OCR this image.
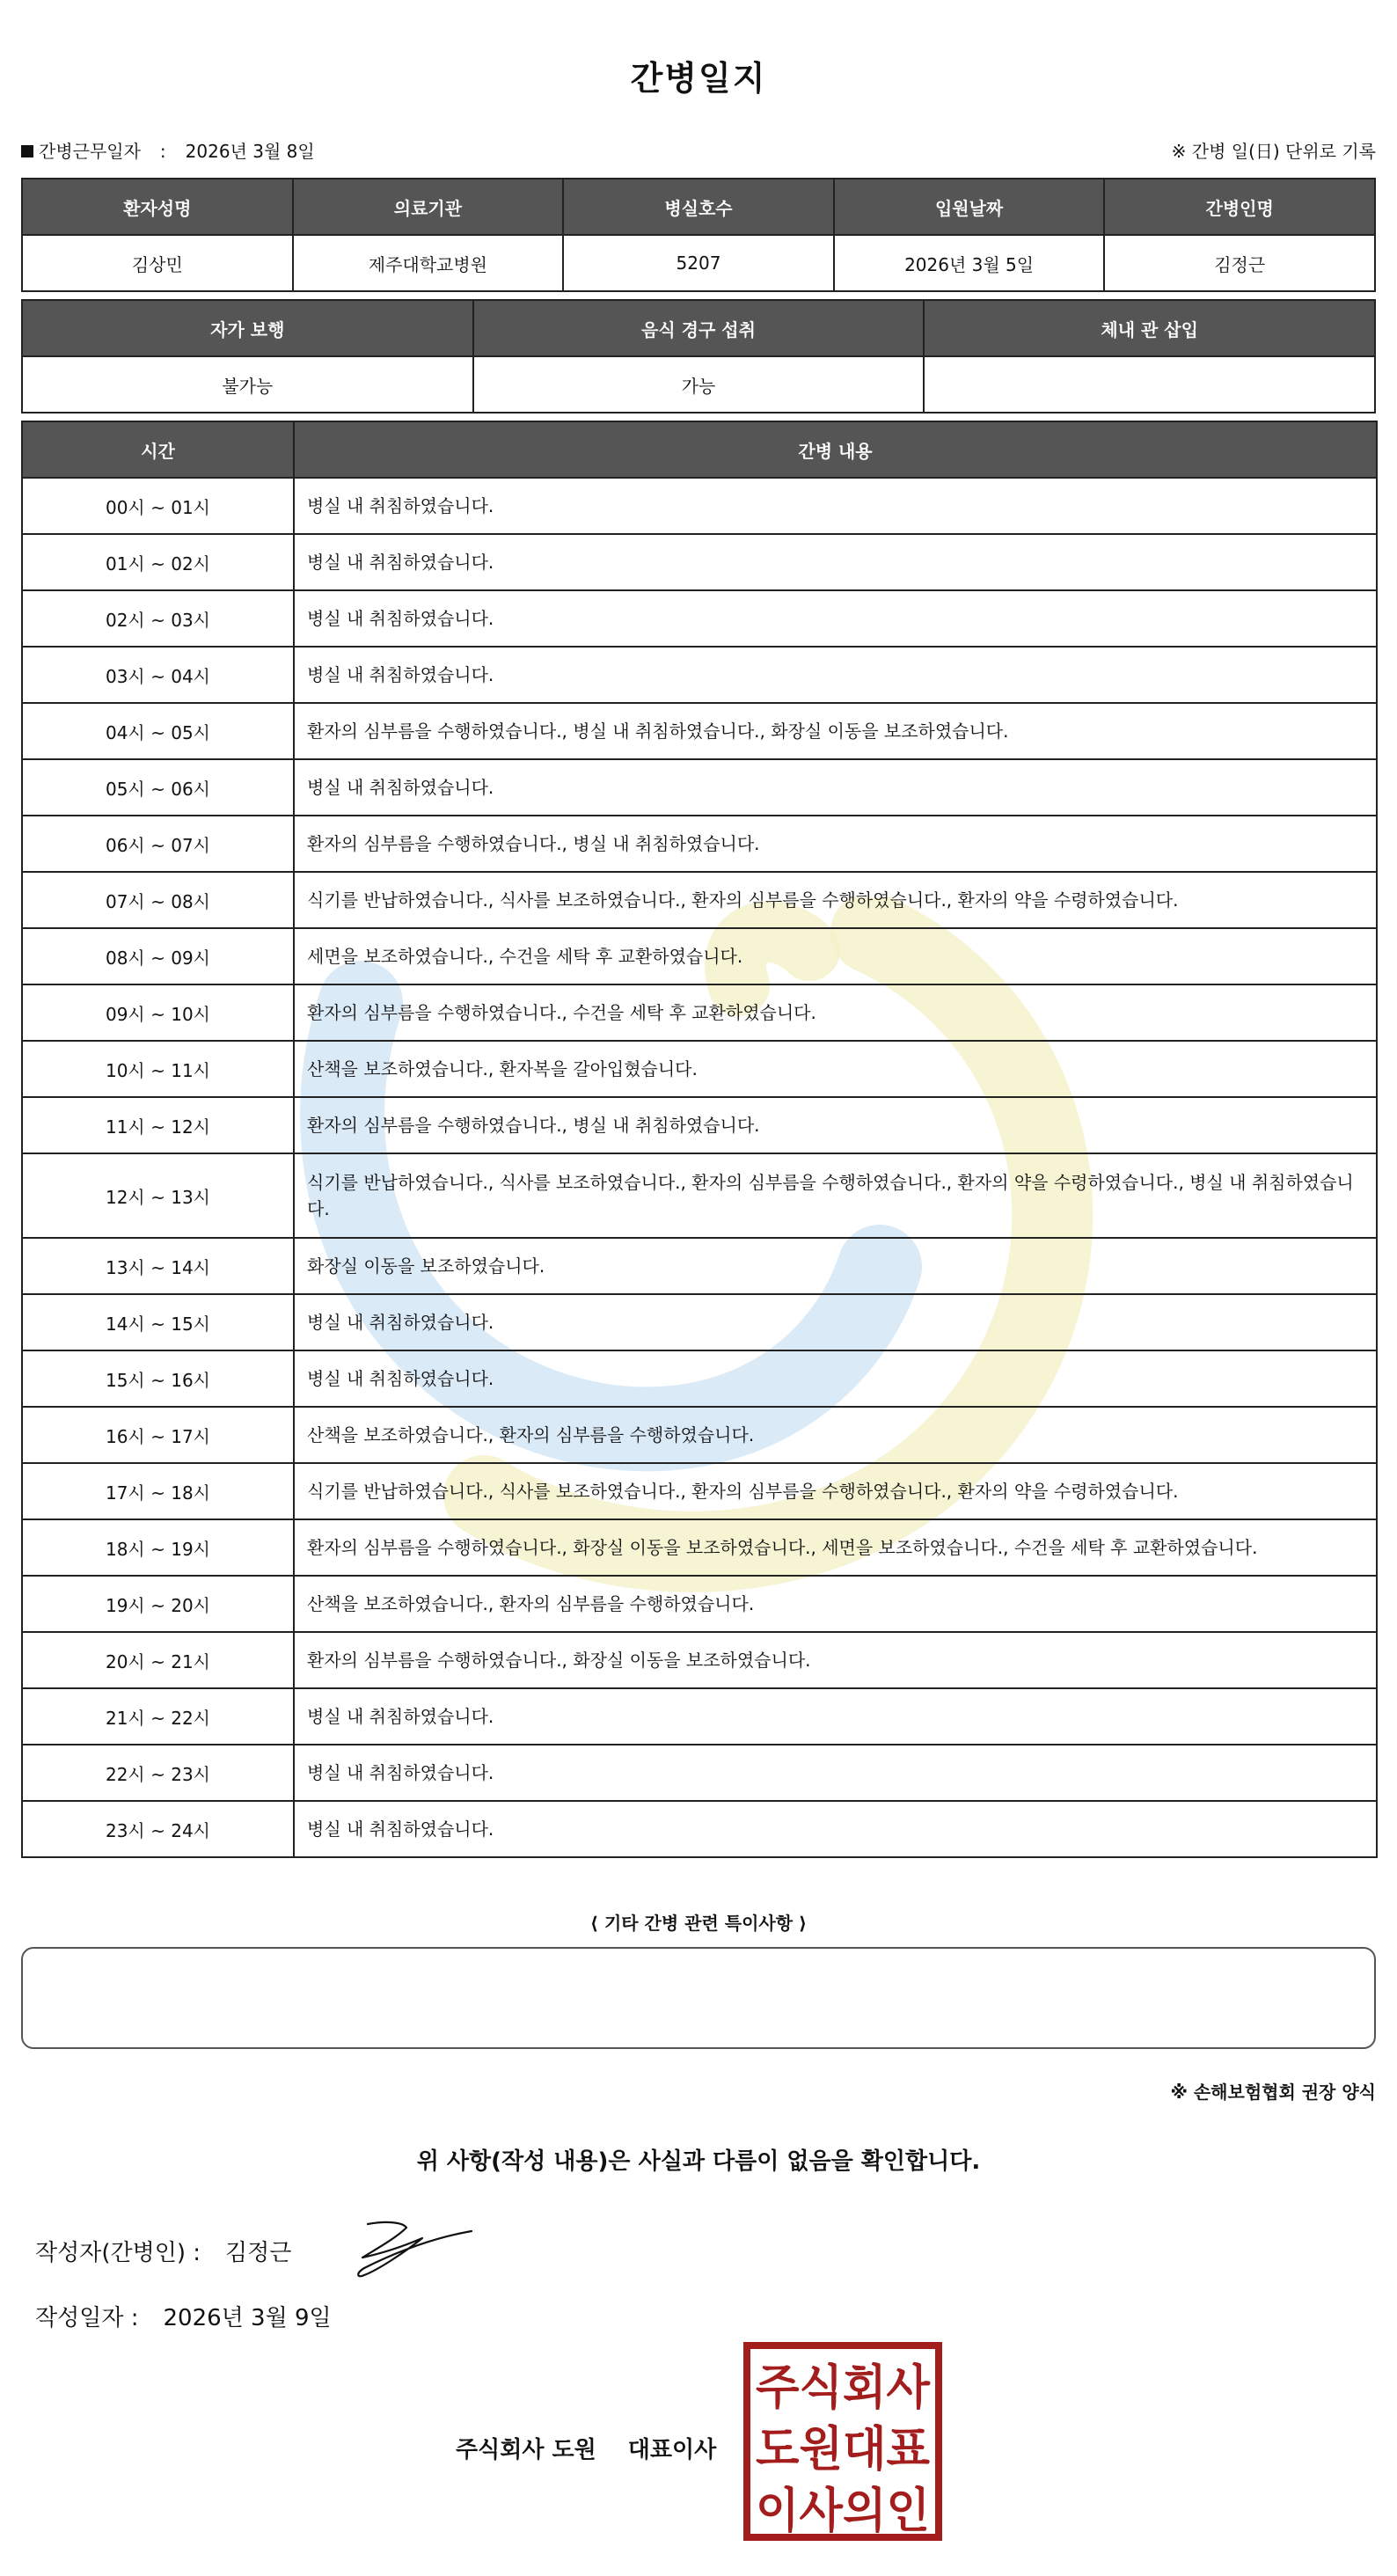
간병일지
간병근무일자 : 2026년 3월 8일	※ 간병 일(日) 단위로 기록
환자성명	의료기관	병실호수	입원날짜	간병인명
김상민	제주대학교병원	5207	2026년 3월 5일	김정근
자가 보행	음식 경구 섭취	체내 관 삽입
불가능	가능	
시간	간병 내용
00시 ~ 01시	병실 내 취침하였습니다.
01시 ~ 02시	병실 내 취침하였습니다.
02시 ~ 03시	병실 내 취침하였습니다.
03시 ~ 04시	병실 내 취침하였습니다.
04시 ~ 05시	환자의 심부름을 수행하였습니다., 병실 내 취침하였습니다., 화장실 이동을 보조하였습니다.
05시 ~ 06시	병실 내 취침하였습니다.
06시 ~ 07시	환자의 심부름을 수행하였습니다., 병실 내 취침하였습니다.
07시 ~ 08시	식기를 반납하였습니다., 식사를 보조하였습니다., 환자의 심부름을 수행하였습니다., 환자의 약을 수령하였습니다.
08시 ~ 09시	세면을 보조하였습니다., 수건을 세탁 후 교환하였습니다.
09시 ~ 10시	환자의 심부름을 수행하였습니다., 수건을 세탁 후 교환하였습니다.
10시 ~ 11시	산책을 보조하였습니다., 환자복을 갈아입혔습니다.
11시 ~ 12시	환자의 심부름을 수행하였습니다., 병실 내 취침하였습니다.
12시 ~ 13시	식기를 반납하였습니다., 식사를 보조하였습니다., 환자의 심부름을 수행하였습니다., 환자의 약을 수령하였습니다., 병실 내 취침하였습니다.
13시 ~ 14시	화장실 이동을 보조하였습니다.
14시 ~ 15시	병실 내 취침하였습니다.
15시 ~ 16시	병실 내 취침하였습니다.
16시 ~ 17시	산책을 보조하였습니다., 환자의 심부름을 수행하였습니다.
17시 ~ 18시	식기를 반납하였습니다., 식사를 보조하였습니다., 환자의 심부름을 수행하였습니다., 환자의 약을 수령하였습니다.
18시 ~ 19시	환자의 심부름을 수행하였습니다., 화장실 이동을 보조하였습니다., 세면을 보조하였습니다., 수건을 세탁 후 교환하였습니다.
19시 ~ 20시	산책을 보조하였습니다., 환자의 심부름을 수행하였습니다.
20시 ~ 21시	환자의 심부름을 수행하였습니다., 화장실 이동을 보조하였습니다.
21시 ~ 22시	병실 내 취침하였습니다.
22시 ~ 23시	병실 내 취침하였습니다.
23시 ~ 24시	병실 내 취침하였습니다.
⟨ 기타 간병 관련 특이사항 ⟩
※ 손해보험협회 권장 양식
위 사항(작성 내용)은 사실과 다름이 없음을 확인합니다.
작성자(간병인) : 김정근
작성일자 : 2026년 3월 9일
주식회사 도원 대표이사
주식회사
도원대표
이사의인
